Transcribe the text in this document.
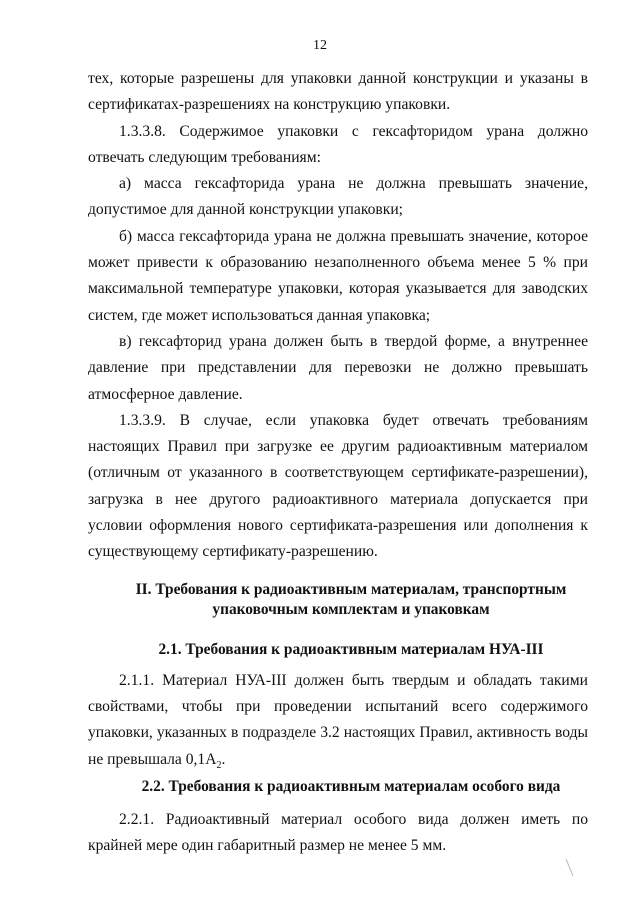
12

тех, которые разрешены для упаковки данной конструкции и указаны в сертификатах-разрешениях на конструкцию упаковки.

1.3.3.8. Содержимое упаковки с гексафторидом урана должно отвечать следующим требованиям:

а) масса гексафторида урана не должна превышать значение, допустимое для данной конструкции упаковки;

б) масса гексафторида урана не должна превышать значение, которое может привести к образованию незаполненного объема менее 5 % при максимальной температуре упаковки, которая указывается для заводских систем, где может использоваться данная упаковка;

в) гексафторид урана должен быть в твердой форме, а внутреннее давление при представлении для перевозки не должно превышать атмосферное давление.

1.3.3.9. В случае, если упаковка будет отвечать требованиям настоящих Правил при загрузке ее другим радиоактивным материалом (отличным от указанного в соответствующем сертификате-разрешении), загрузка в нее другого радиоактивного материала допускается при условии оформления нового сертификата-разрешения или дополнения к существующему сертификату-разрешению.

II. Требования к радиоактивным материалам, транспортным
упаковочным комплектам и упаковкам
2.1. Требования к радиоактивным материалам НУА-III

2.1.1. Материал НУА-III должен быть твердым и обладать такими свойствами, чтобы при проведении испытаний всего содержимого упаковки, указанных в подразделе 3.2 настоящих Правил, активность воды не превышала $0,1A_2$.

2.2. Требования к радиоактивным материалам особого вида

2.2.1. Радиоактивный материал особого вида должен иметь по крайней мере один габаритный размер не менее 5 мм.
